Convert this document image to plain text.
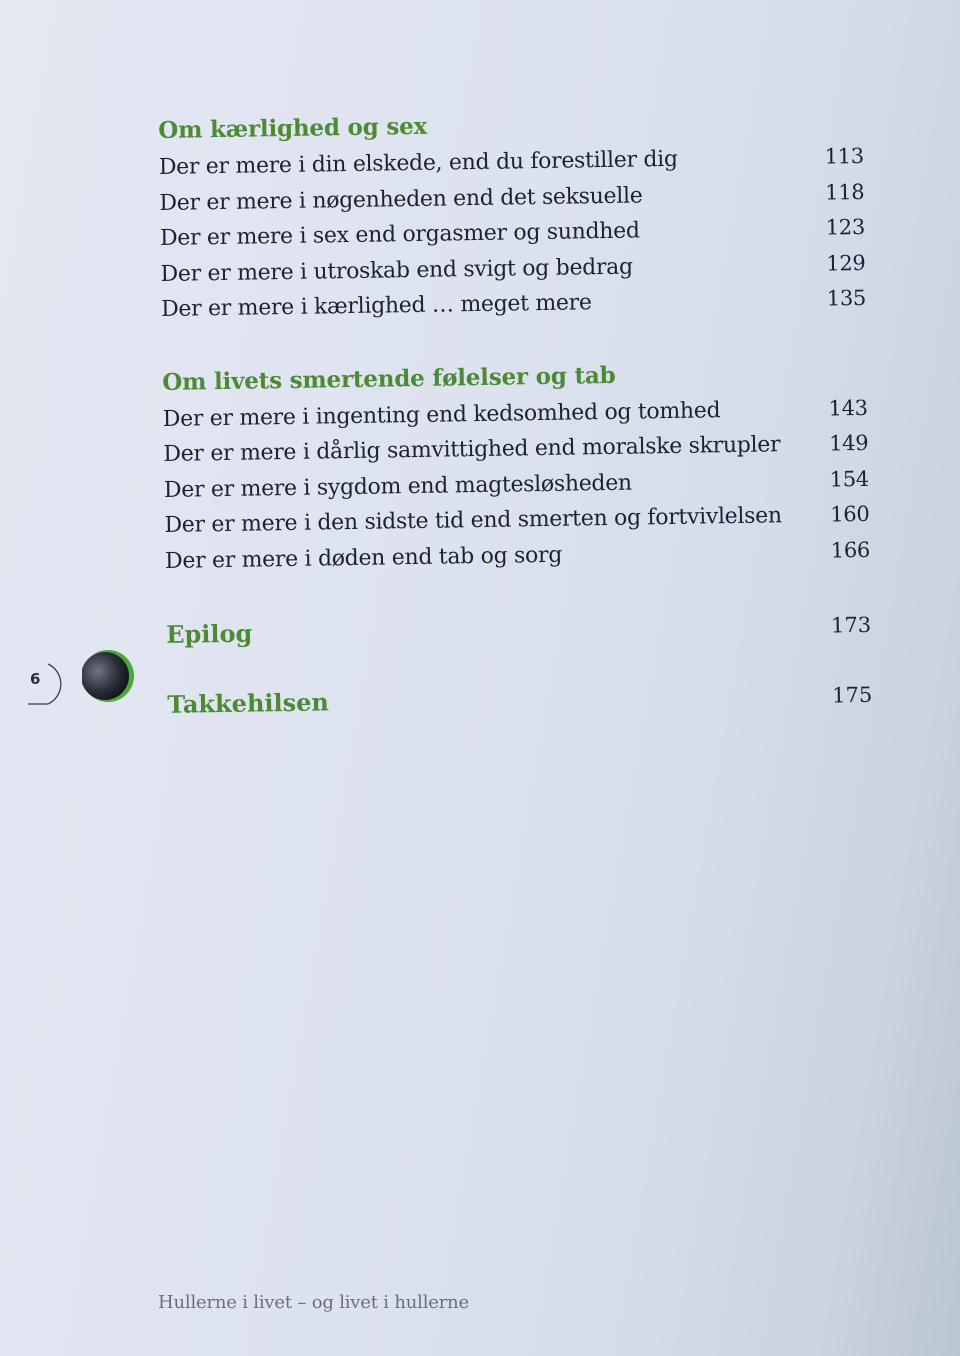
Om kærlighed og sex
Der er mere i din elskede, end du forestiller dig	113
Der er mere i nøgenheden end det seksuelle	118
Der er mere i sex end orgasmer og sundhed	123
Der er mere i utroskab end svigt og bedrag	129
Der er mere i kærlighed … meget mere	135
Om livets smertende følelser og tab
Der er mere i ingenting end kedsomhed og tomhed	143
Der er mere i dårlig samvittighed end moralske skrupler 149
Der er mere i sygdom end magtesløsheden	154
Der er mere i den sidste tid end smerten og fortvivlelsen 160
Der er mere i døden end tab og sorg	166
Epilog	173
Takkehilsen	175
6
Hullerne i livet – og livet i hullerne
